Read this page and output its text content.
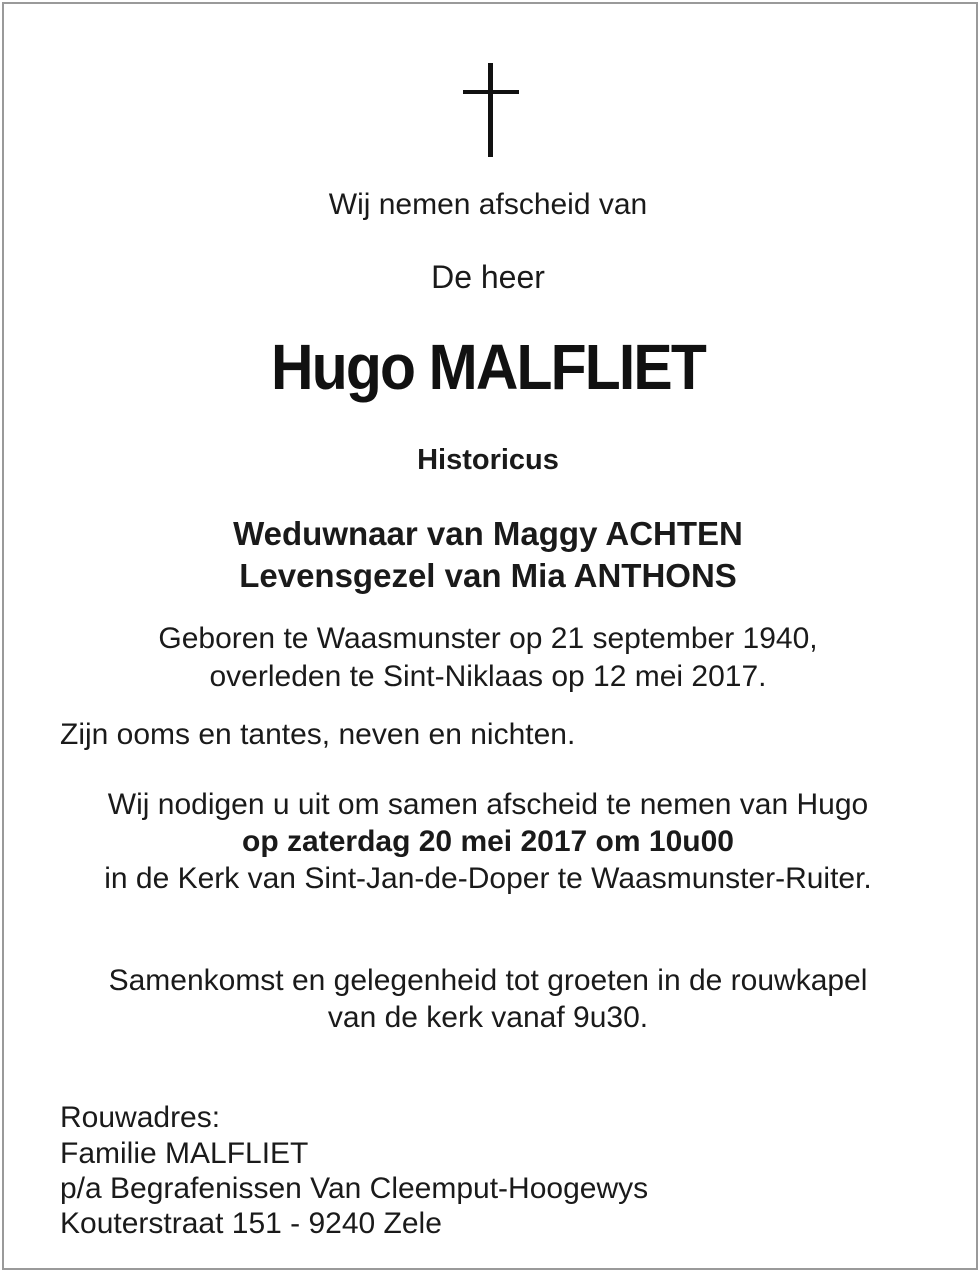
Wij nemen afscheid van
De heer
Hugo MALFLIET
Historicus
Weduwnaar van Maggy ACHTEN
Levensgezel van Mia ANTHONS
Geboren te Waasmunster op 21 september 1940,
overleden te Sint-Niklaas op 12 mei 2017.
Zijn ooms en tantes, neven en nichten.
Wij nodigen u uit om samen afscheid te nemen van Hugo
op zaterdag 20 mei 2017 om 10u00
in de Kerk van Sint-Jan-de-Doper te Waasmunster-Ruiter.
Samenkomst en gelegenheid tot groeten in de rouwkapel
van de kerk vanaf 9u30.
Rouwadres:
Familie MALFLIET
p/a Begrafenissen Van Cleemput-Hoogewys
Kouterstraat 151 - 9240 Zele
